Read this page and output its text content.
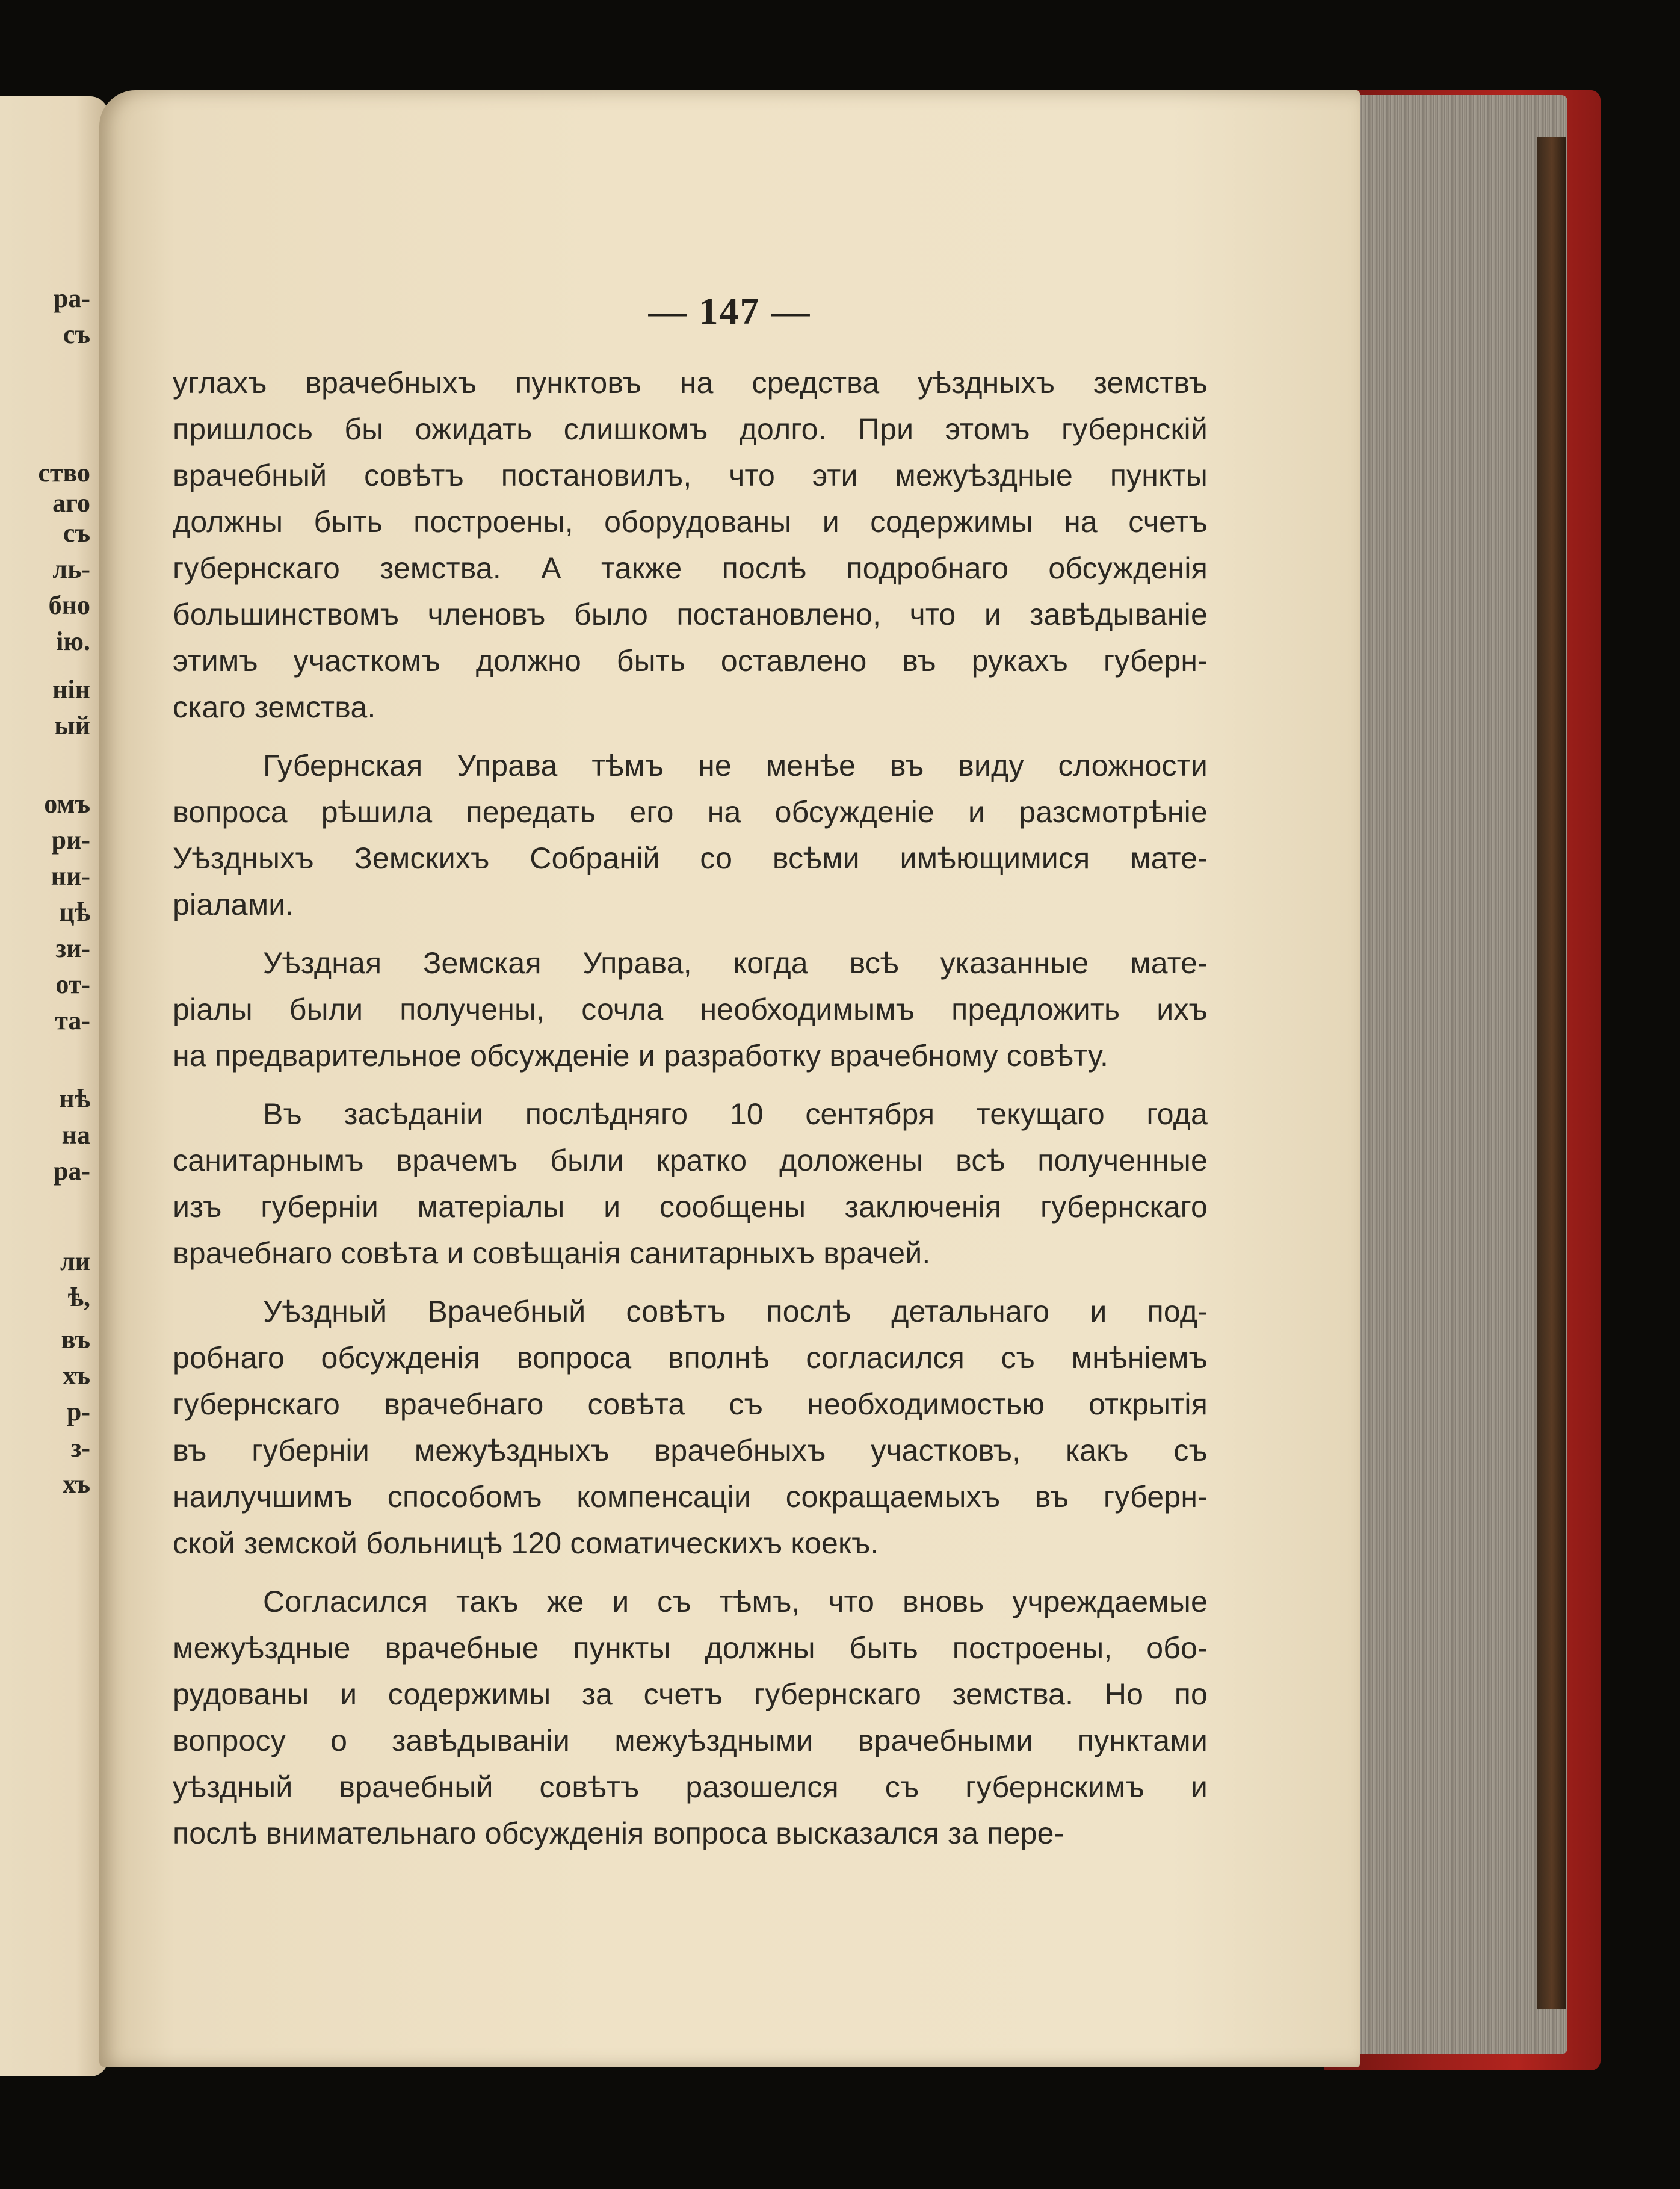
ра-
съ
ство
аго
съ
ль-
бно
ію.
нін
ый
омъ
ри-
ни-
цѣ
зи-
от-
та-
нѣ
на
ра-
ли
ѣ,
въ
хъ
р-
з-
хъ
— 147 —
углахъ врачебныхъ пунктовъ на средства уѣздныхъ земствъ
пришлось бы ожидать слишкомъ долго. При этомъ губернскій
врачебный совѣтъ постановилъ, что эти межуѣздные пункты
должны быть построены, оборудованы и содержимы на счетъ
губернскаго земства. А также послѣ подробнаго обсужденія
большинствомъ членовъ было постановлено, что и завѣдываніе
этимъ участкомъ должно быть оставлено въ рукахъ губерн-
скаго земства.
Губернская Управа тѣмъ не менѣе въ виду сложности
вопроса рѣшила передать его на обсужденіе и разсмотрѣніе
Уѣздныхъ Земскихъ Собраній со всѣми имѣющимися мате-
ріалами.
Уѣздная Земская Управа, когда всѣ указанные мате-
ріалы были получены, сочла необходимымъ предложить ихъ
на предварительное обсужденіе и разработку врачебному совѣту.
Въ засѣданіи послѣдняго 10 сентября текущаго года
санитарнымъ врачемъ были кратко доложены всѣ полученные
изъ губерніи матеріалы и сообщены заключенія губернскаго
врачебнаго совѣта и совѣщанія санитарныхъ врачей.
Уѣздный Врачебный совѣтъ послѣ детальнаго и под-
робнаго обсужденія вопроса вполнѣ согласился съ мнѣніемъ
губернскаго врачебнаго совѣта съ необходимостью открытія
въ губерніи межуѣздныхъ врачебныхъ участковъ, какъ съ
наилучшимъ способомъ компенсаціи сокращаемыхъ въ губерн-
ской земской больницѣ 120 соматическихъ коекъ.
Согласился такъ же и съ тѣмъ, что вновь учреждаемые
межуѣздные врачебные пункты должны быть построены, обо-
рудованы и содержимы за счетъ губернскаго земства. Но по
вопросу о завѣдываніи межуѣздными врачебными пунктами
уѣздный врачебный совѣтъ разошелся съ губернскимъ и
послѣ внимательнаго обсужденія вопроса высказался за пере-
